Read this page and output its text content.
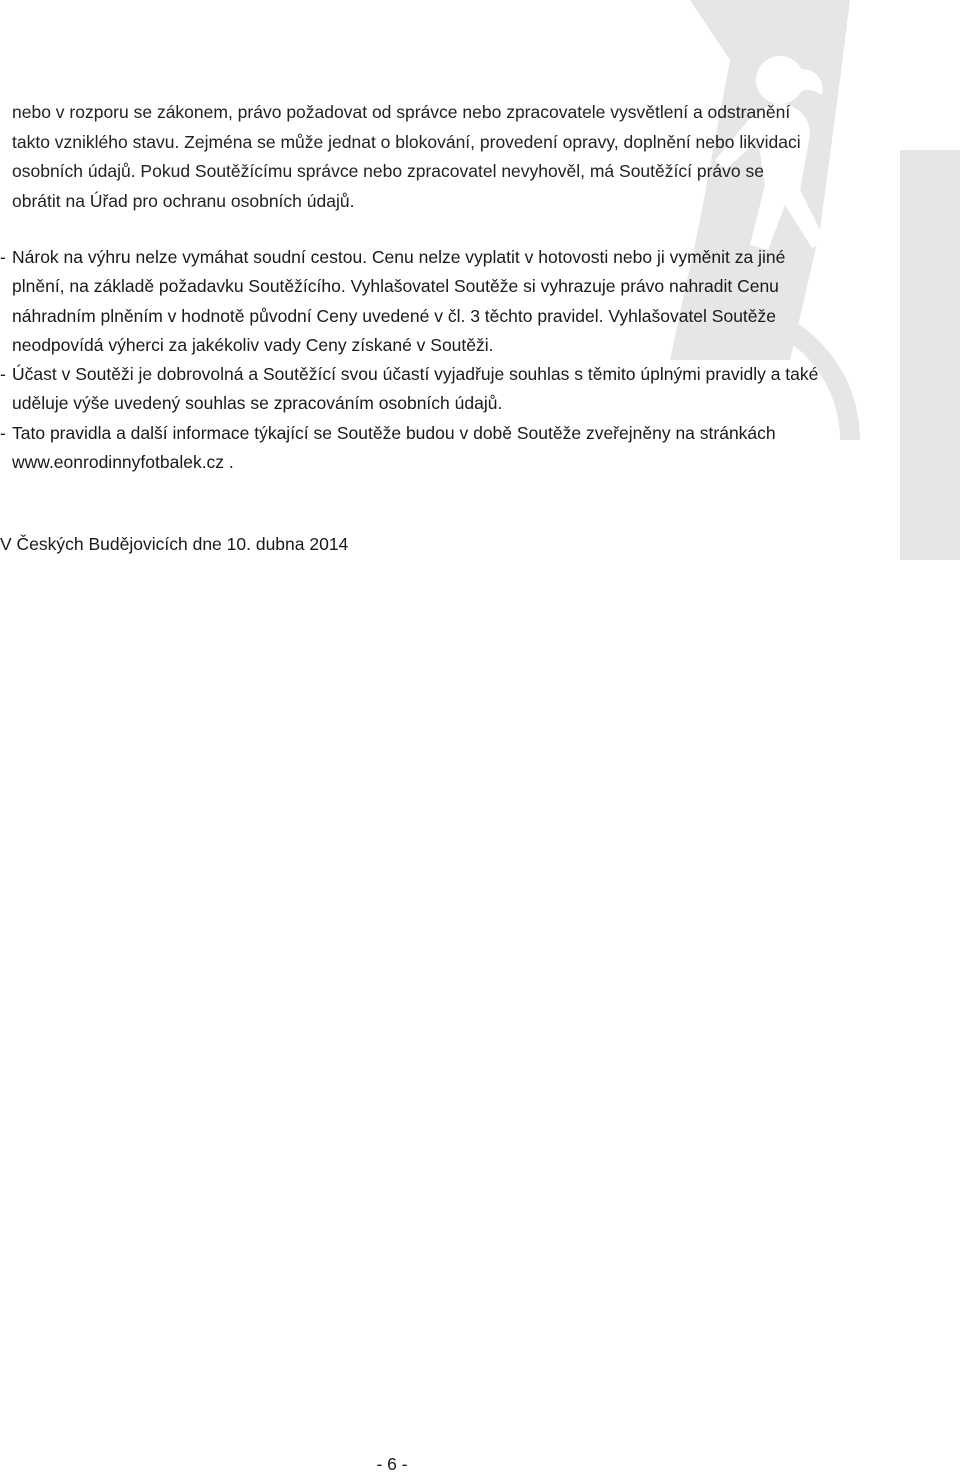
nebo v rozporu se zákonem, právo požadovat od správce nebo zpracovatele vysvětlení a odstranění takto vzniklého stavu. Zejména se může jednat o blokování, provedení opravy, doplnění nebo likvidaci osobních údajů. Pokud Soutěžícímu správce nebo zpracovatel nevyhověl, má Soutěžící právo se obrátit na Úřad pro ochranu osobních údajů.

- Nárok na výhru nelze vymáhat soudní cestou. Cenu nelze vyplatit v hotovosti nebo ji vyměnit za jiné plnění, na základě požadavku Soutěžícího. Vyhlašovatel Soutěže si vyhrazuje právo nahradit Cenu náhradním plněním v hodnotě původní Ceny uvedené v čl. 3 těchto pravidel. Vyhlašovatel Soutěže neodpovídá výherci za jakékoliv vady Ceny získané v Soutěži.

- Účast v Soutěži je dobrovolná a Soutěžící svou účastí vyjadřuje souhlas s těmito úplnými pravidly a také uděluje výše uvedený souhlas se zpracováním osobních údajů.

- Tato pravidla a další informace týkající se Soutěže budou v době Soutěže zveřejněny na stránkách www.eonrodinnyfotbalek.cz .

V Českých Budějovicích dne 10. dubna 2014
- 6 -
